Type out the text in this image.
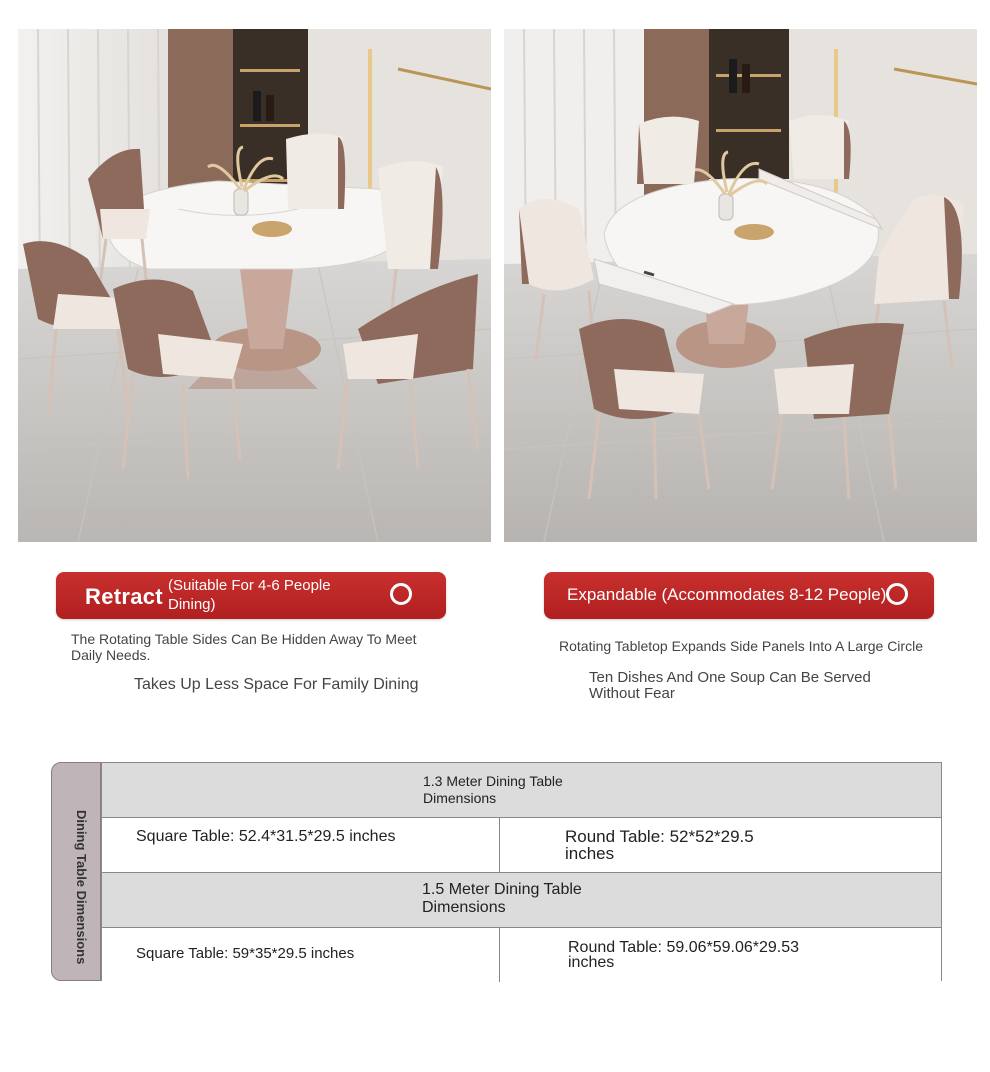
Retract (Suitable For 4-6 People Dining)
Expandable (Accommodates 8-12 People)
The Rotating Table Sides Can Be Hidden Away To Meet Daily Needs.
Takes Up Less Space For Family Dining
Rotating Tabletop Expands Side Panels Into A Large Circle
Ten Dishes And One Soup Can Be Served Without Fear
Dining Table Dimensions
1.3 Meter Dining Table Dimensions
Square Table: 52.4*31.5*29.5 inches	Round Table: 52*52*29.5 inches
1.5 Meter Dining Table Dimensions
Square Table: 59*35*29.5 inches	Round Table: 59.06*59.06*29.53 inches
